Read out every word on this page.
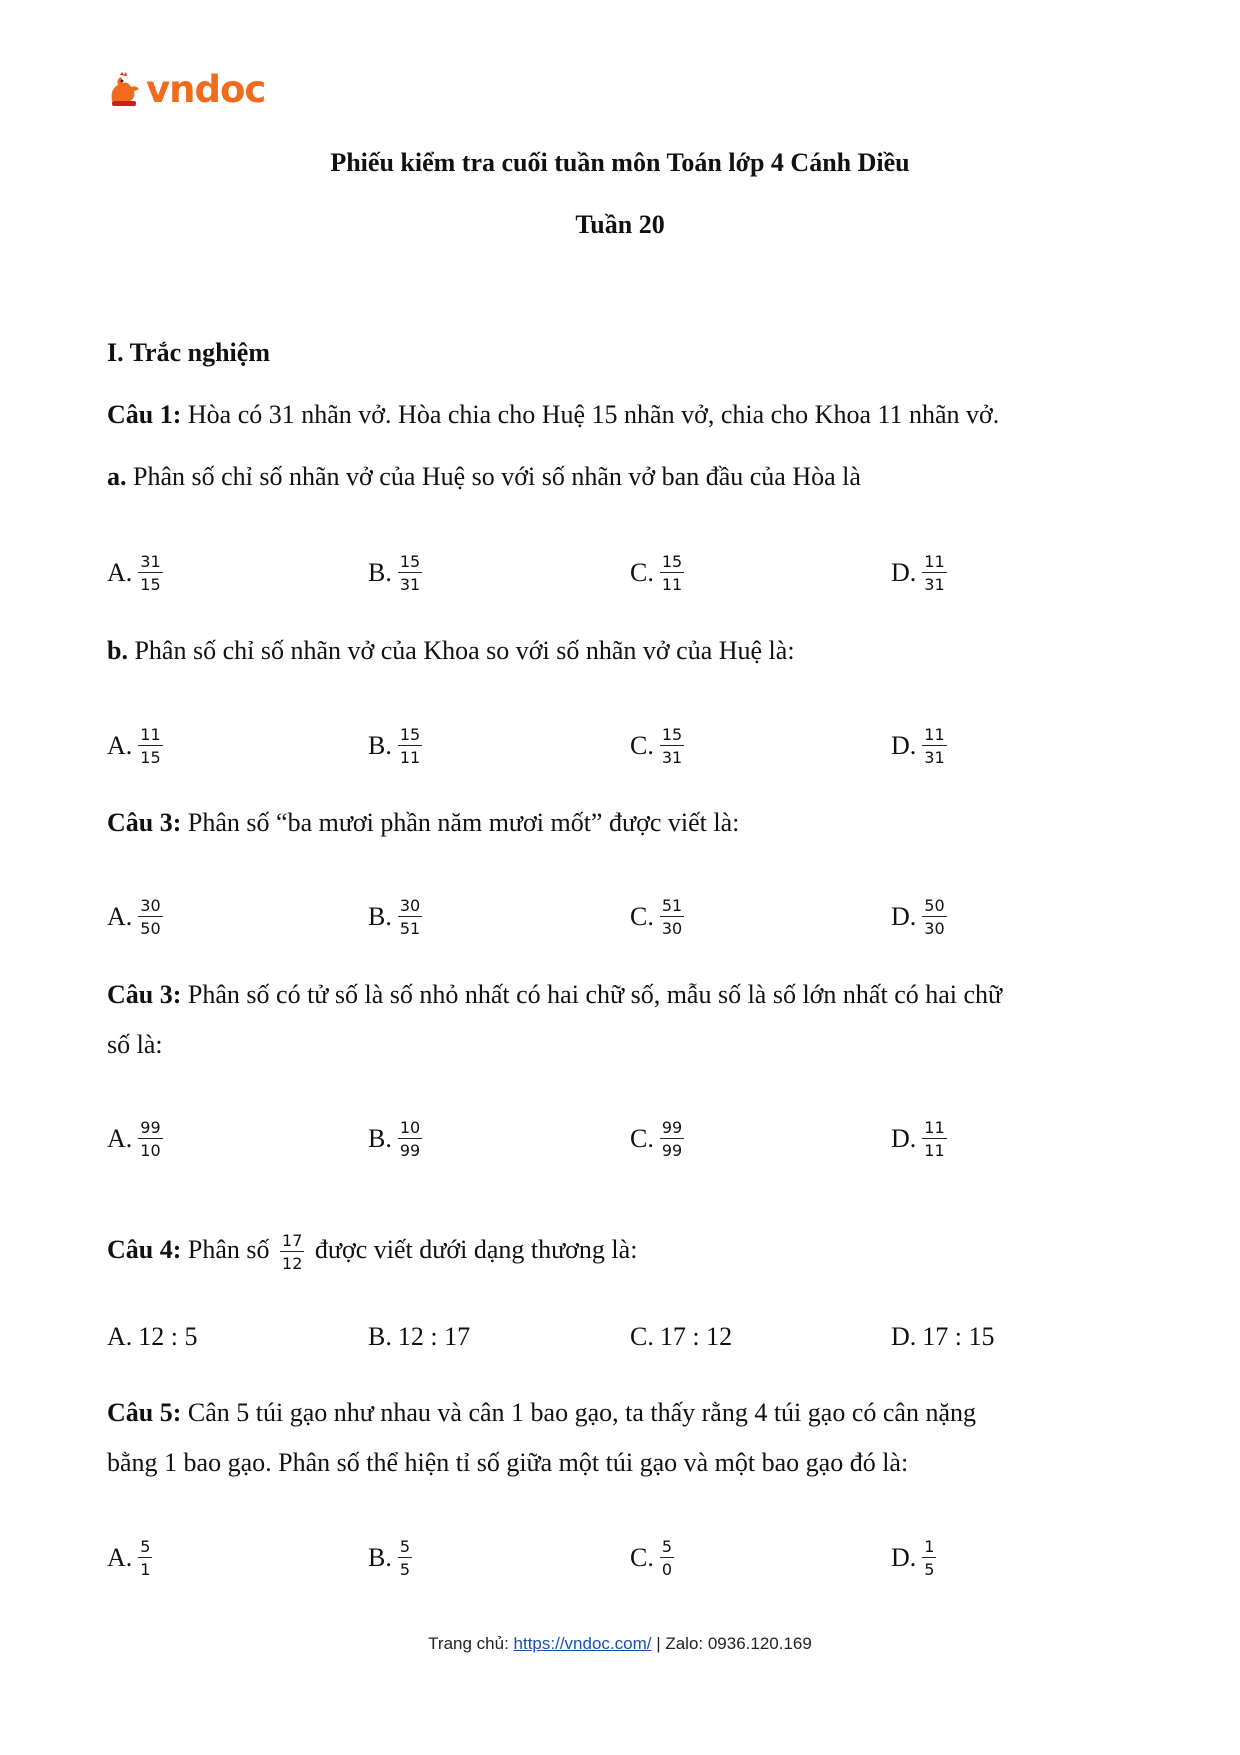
vndoc
Phiếu kiểm tra cuối tuần môn Toán lớp 4 Cánh Diều
Tuần 20
I. Trắc nghiệm
Câu 1: Hòa có 31 nhãn vở. Hòa chia cho Huệ 15 nhãn vở, chia cho Khoa 11 nhãn vở.
a. Phân số chỉ số nhãn vở của Huệ so với số nhãn vở ban đầu của Hòa là
A. $\frac{31}{15}$	B. $\frac{15}{31}$	C. $\frac{15}{11}$	D. $\frac{11}{31}$
b. Phân số chỉ số nhãn vở của Khoa so với số nhãn vở của Huệ là:
A. $\frac{11}{15}$	B. $\frac{15}{11}$	C. $\frac{15}{31}$	D. $\frac{11}{31}$
Câu 3: Phân số “ba mươi phần năm mươi mốt” được viết là:
A. $\frac{30}{50}$	B. $\frac{30}{51}$	C. $\frac{51}{30}$	D. $\frac{50}{30}$
Câu 3: Phân số có tử số là số nhỏ nhất có hai chữ số, mẫu số là số lớn nhất có hai chữ
số là:
A. $\frac{99}{10}$	B. $\frac{10}{99}$	C. $\frac{99}{99}$	D. $\frac{11}{11}$
Câu 4: Phân số $\frac{17}{12}$ được viết dưới dạng thương là:
A. 12 : 5	B. 12 : 17	C. 17 : 12	D. 17 : 15
Câu 5: Cân 5 túi gạo như nhau và cân 1 bao gạo, ta thấy rằng 4 túi gạo có cân nặng
bằng 1 bao gạo. Phân số thể hiện tỉ số giữa một túi gạo và một bao gạo đó là:
A. $\frac{5}{1}$	B. $\frac{5}{5}$	C. $\frac{5}{0}$	D. $\frac{1}{5}$
Trang chủ: https://vndoc.com/ | Zalo: 0936.120.169
